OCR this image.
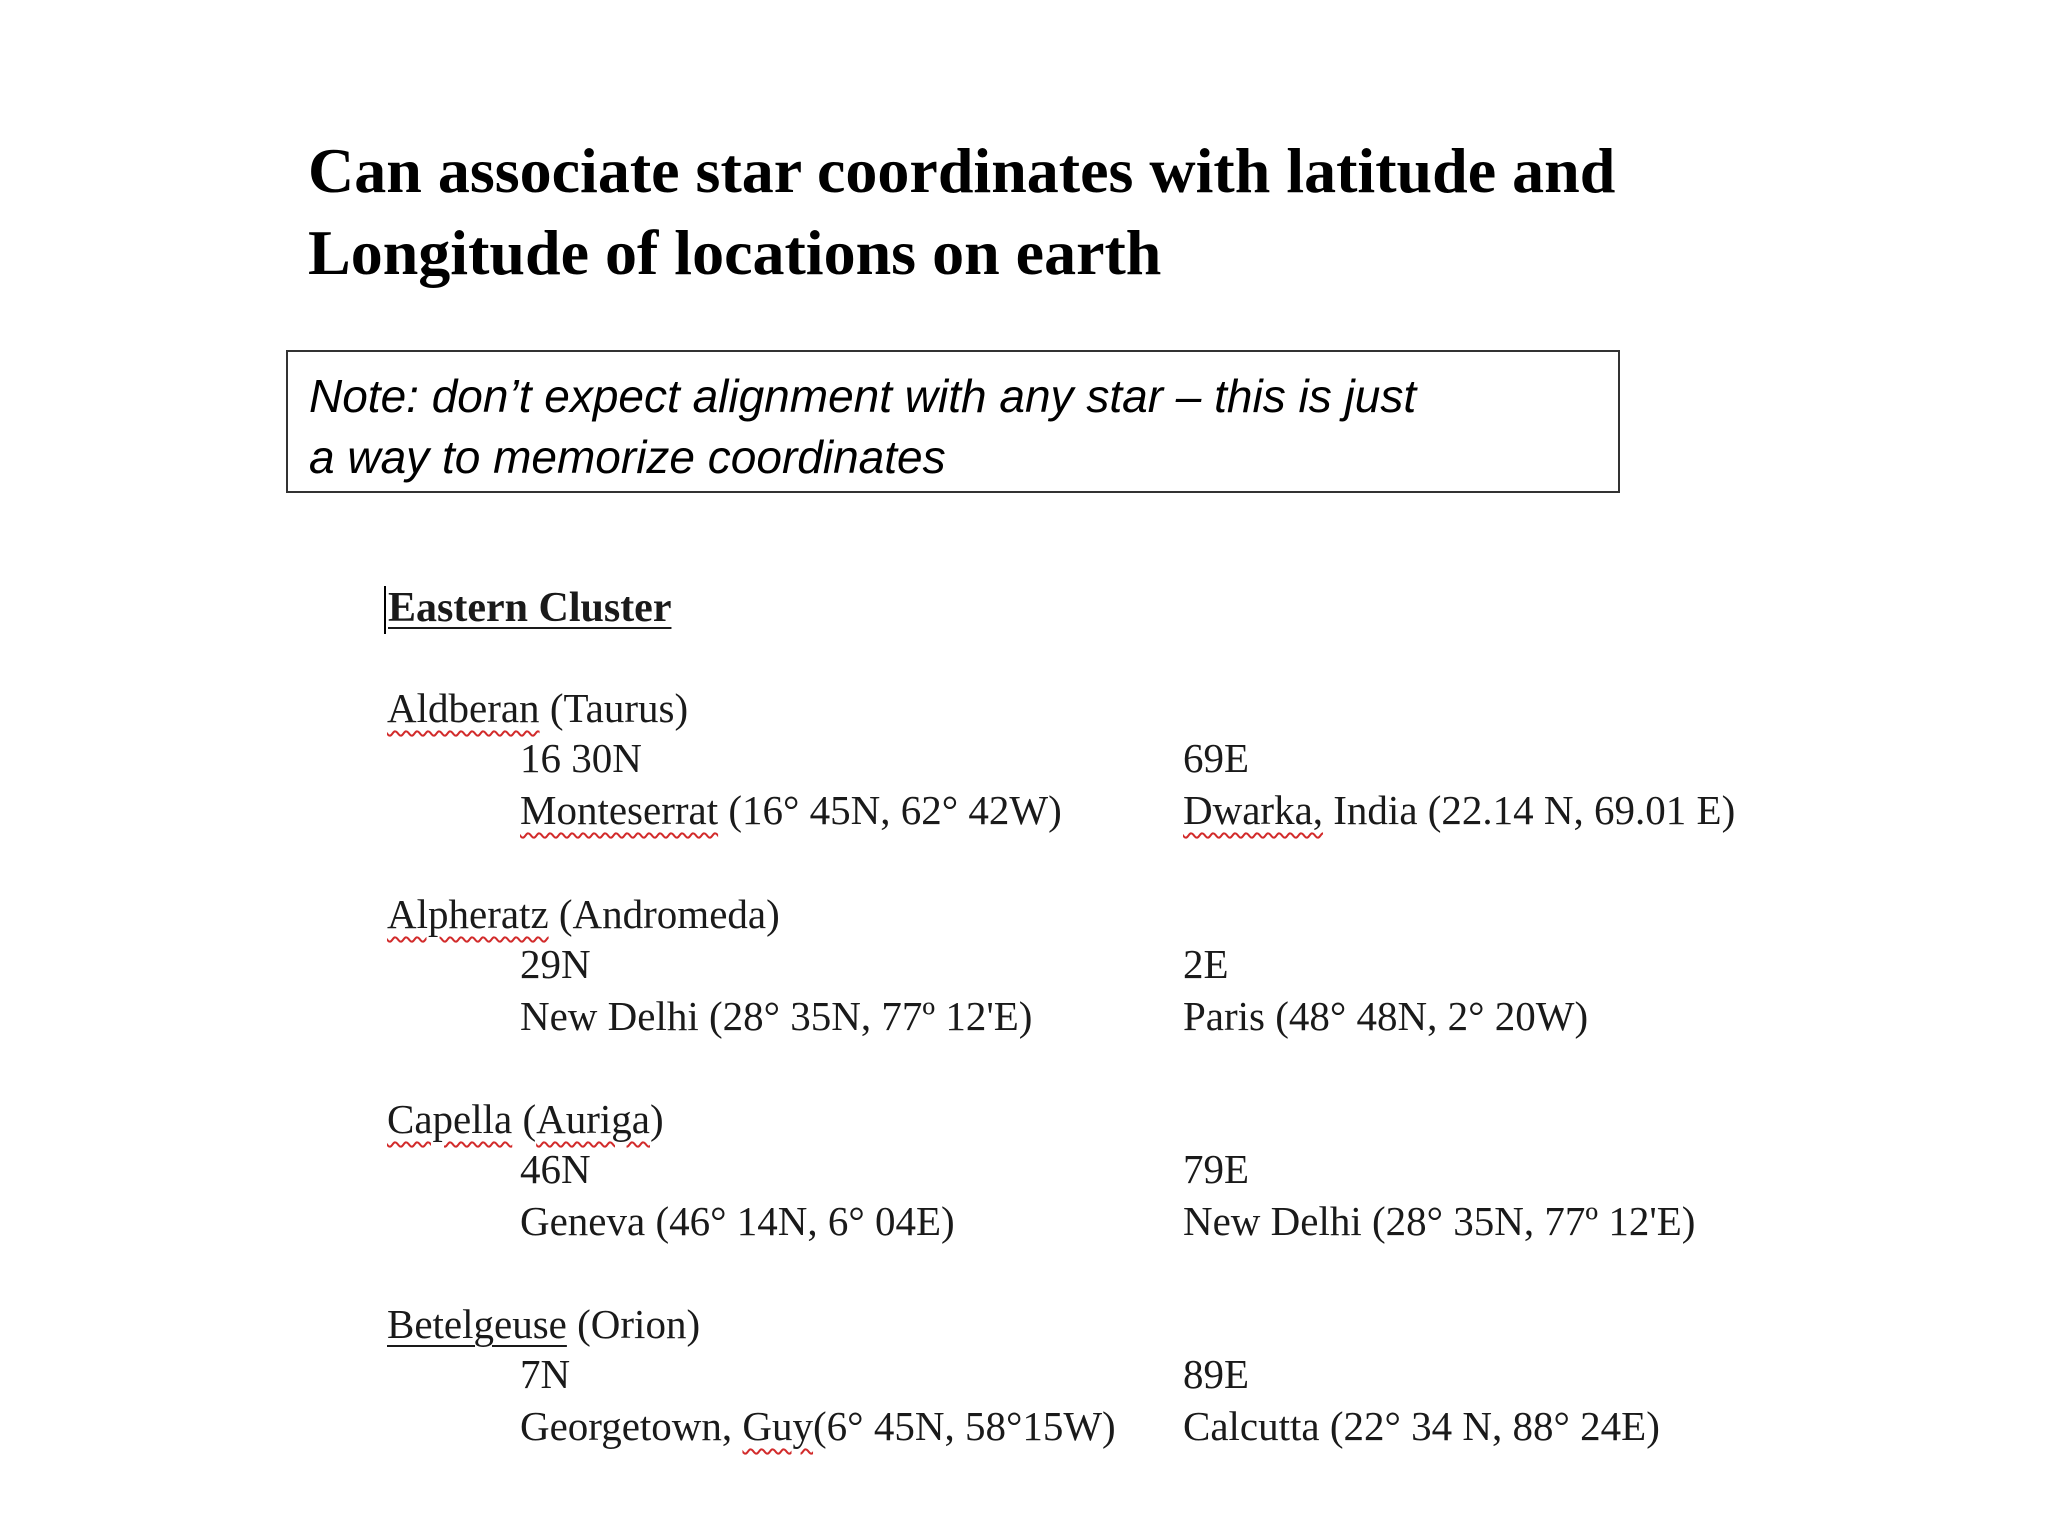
Can associate star coordinates with latitude and
Longitude of locations on earth
Note: don’t expect alignment with any star – this is just
a way to memorize coordinates
Eastern Cluster
Aldberan (Taurus)
16 30N
Monteserrat (16° 45N, 62° 42W)
69E
Dwarka, India (22.14 N, 69.01 E)
Alpheratz (Andromeda)
29N
New Delhi (28° 35N, 77º 12'E)
2E
Paris (48° 48N, 2° 20W)
Capella (Auriga)
46N
Geneva (46° 14N, 6° 04E)
79E
New Delhi (28° 35N, 77º 12'E)
Betelgeuse (Orion)
7N
Georgetown, Guy(6° 45N, 58°15W)
89E
Calcutta (22° 34 N, 88° 24E)
